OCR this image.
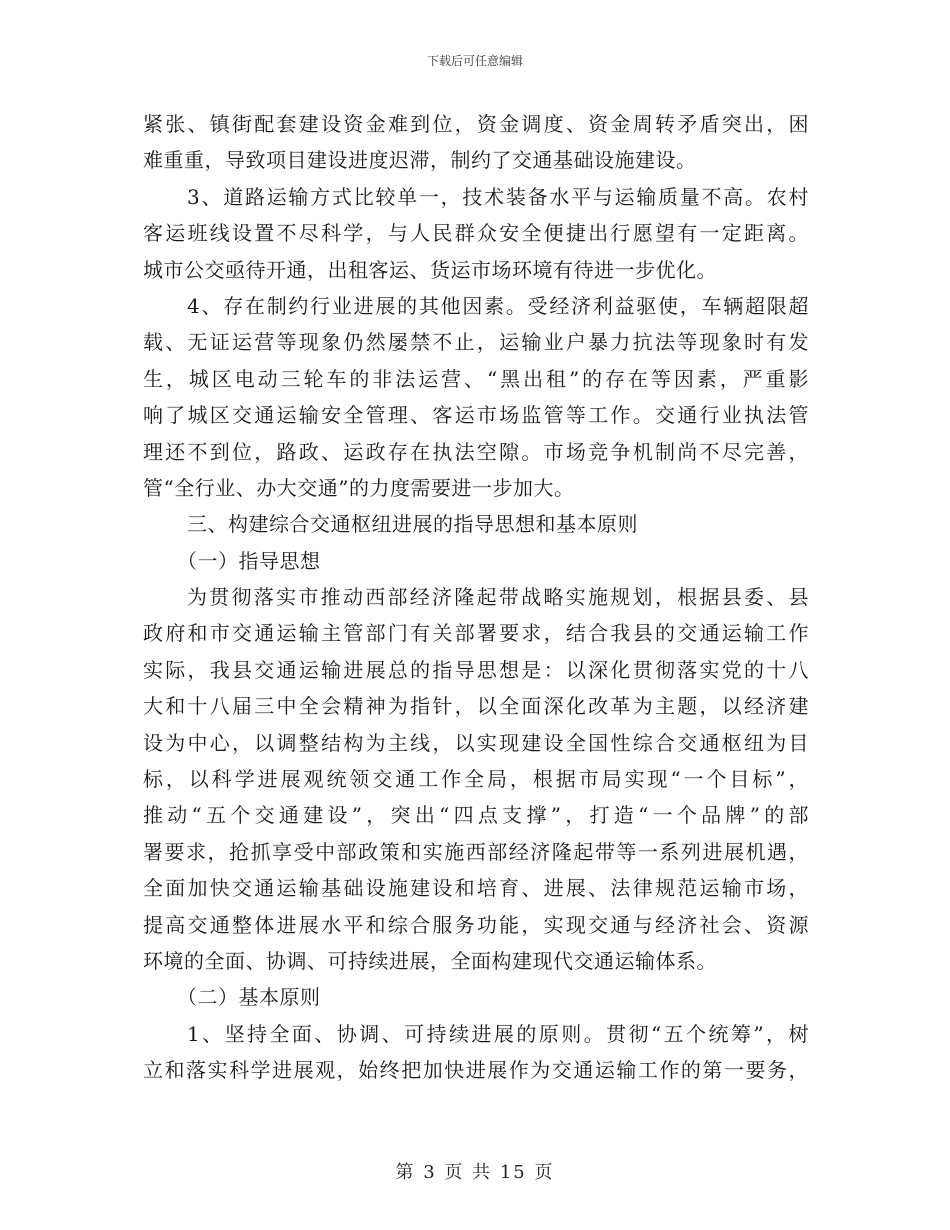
下载后可任意编辑
紧张、镇街配套建设资金难到位，资金调度、资金周转矛盾突出，困
难重重，导致项目建设进度迟滞，制约了交通基础设施建设。
3、道路运输方式比较单一，技术装备水平与运输质量不高。农村
客运班线设置不尽科学，与人民群众安全便捷出行愿望有一定距离。
城市公交亟待开通，出租客运、货运市场环境有待进一步优化。
4、存在制约行业进展的其他因素。受经济利益驱使，车辆超限超
载、无证运营等现象仍然屡禁不止，运输业户暴力抗法等现象时有发
生，城区电动三轮车的非法运营、“黑出租”的存在等因素，严重影
响了城区交通运输安全管理、客运市场监管等工作。交通行业执法管
理还不到位，路政、运政存在执法空隙。市场竞争机制尚不尽完善，
管“全行业、办大交通”的力度需要进一步加大。
三、构建综合交通枢纽进展的指导思想和基本原则
（一）指导思想
为贯彻落实市推动西部经济隆起带战略实施规划，根据县委、县
政府和市交通运输主管部门有关部署要求，结合我县的交通运输工作
实际，我县交通运输进展总的指导思想是：以深化贯彻落实党的十八
大和十八届三中全会精神为指针，以全面深化改革为主题，以经济建
设为中心，以调整结构为主线，以实现建设全国性综合交通枢纽为目
标，以科学进展观统领交通工作全局，根据市局实现“一个目标”，
推动“五个交通建设”，突出“四点支撑”，打造“一个品牌”的部
署要求，抢抓享受中部政策和实施西部经济隆起带等一系列进展机遇，
全面加快交通运输基础设施建设和培育、进展、法律规范运输市场，
提高交通整体进展水平和综合服务功能，实现交通与经济社会、资源
环境的全面、协调、可持续进展，全面构建现代交通运输体系。
（二）基本原则
1、坚持全面、协调、可持续进展的原则。贯彻“五个统筹”，树
立和落实科学进展观，始终把加快进展作为交通运输工作的第一要务，
第 3 页 共 15 页
